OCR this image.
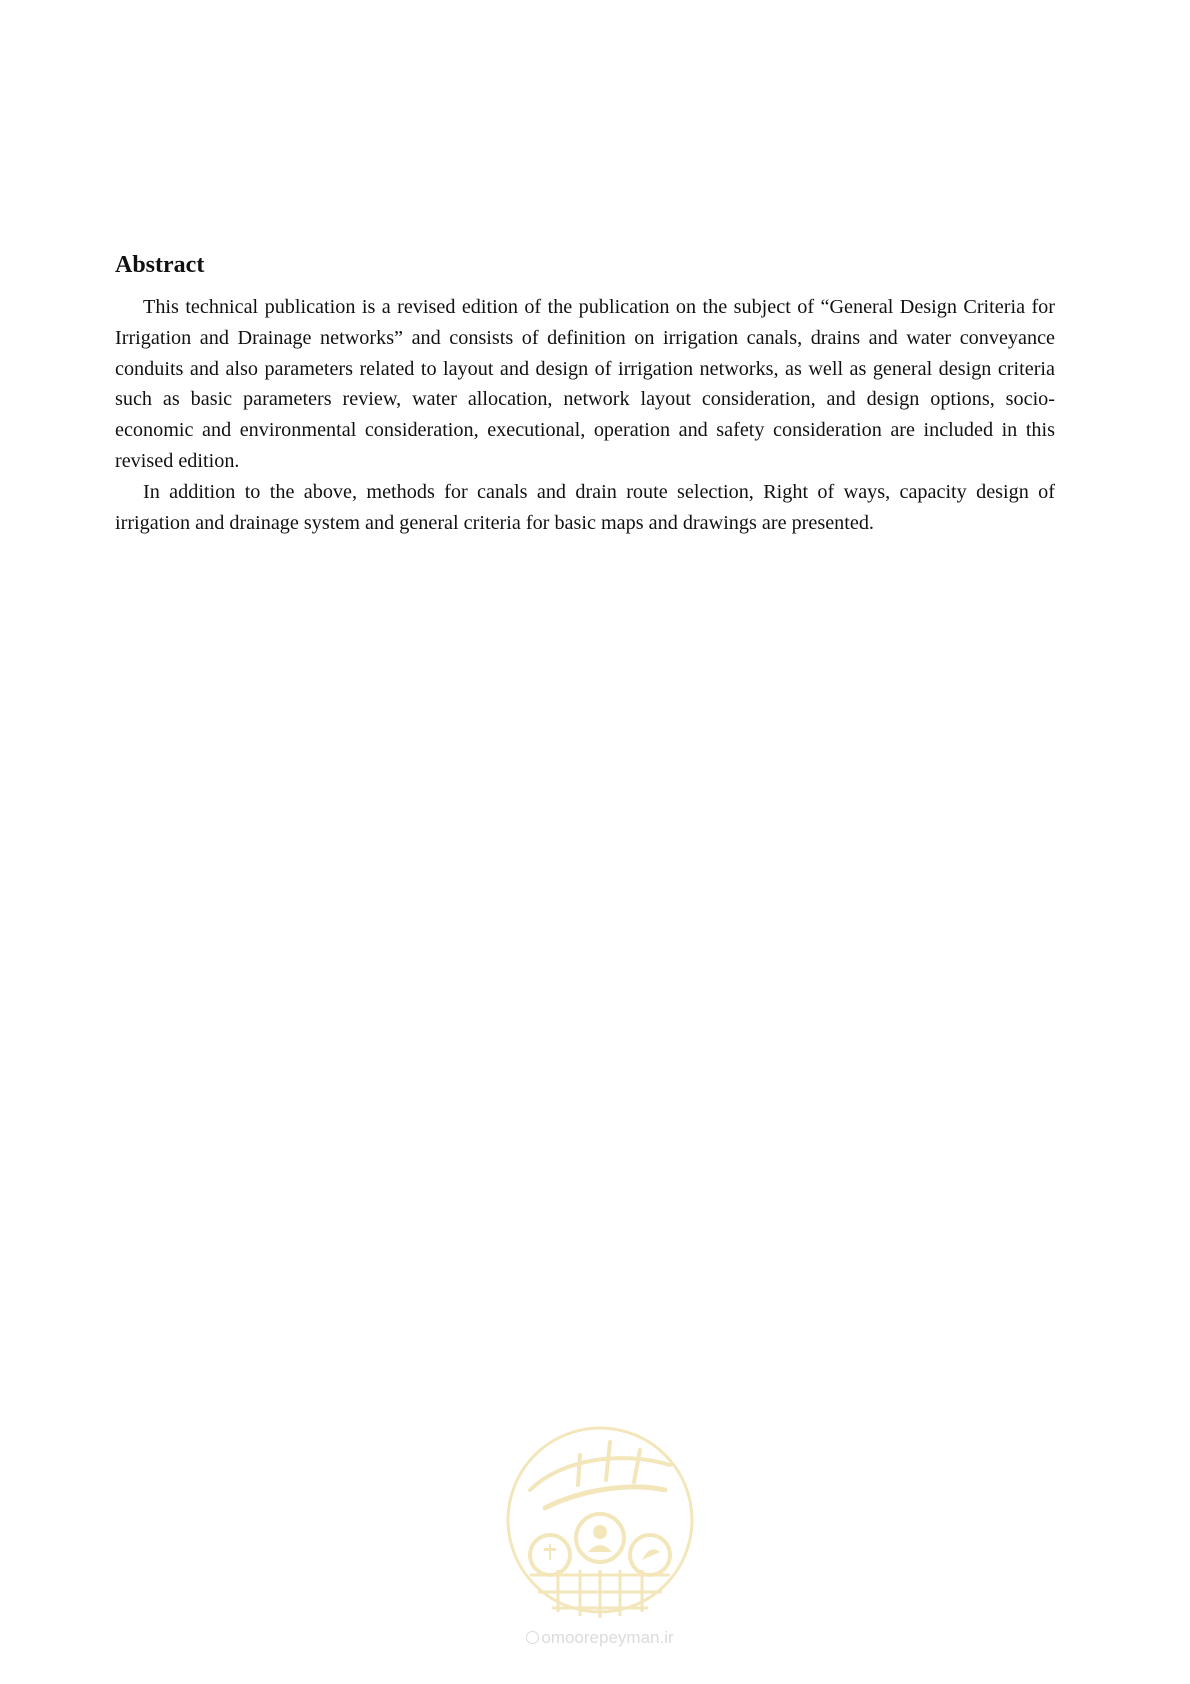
Abstract

This technical publication is a revised edition of the publication on the subject of “General Design Criteria for Irrigation and Drainage networks” and consists of definition on irrigation canals, drains and water conveyance conduits and also parameters related to layout and design of irrigation networks, as well as general design criteria such as basic parameters review, water allocation, network layout consideration, and design options, socio-economic and environmental consideration, executional, operation and safety consideration are included in this revised edition.

In addition to the above, methods for canals and drain route selection, Right of ways, capacity design of irrigation and drainage system and general criteria for basic maps and drawings are presented.

omoorepeyman.ir
